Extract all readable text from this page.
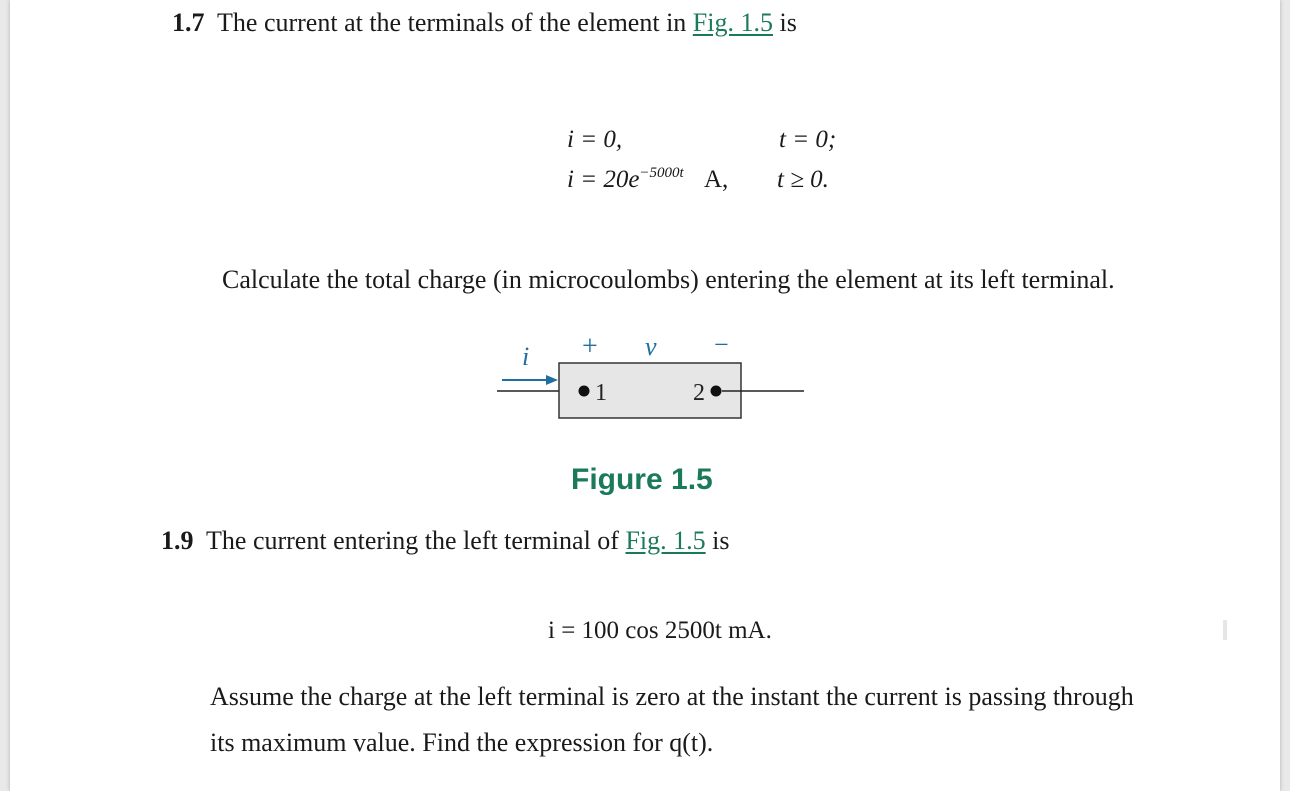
1.7 The current at the terminals of the element in Fig. 1.5 is
i = 0,	t = 0;
$i = 20e^{-5000t}$ A, t ≥ 0.
Calculate the total charge (in microcoulombs) entering the element at its left terminal.
i + v −
1	2
Figure 1.5
1.9 The current entering the left terminal of Fig. 1.5 is
i = 100 cos 2500t mA.
Assume the charge at the left terminal is zero at the instant the current is passing through
its maximum value. Find the expression for q(t).
